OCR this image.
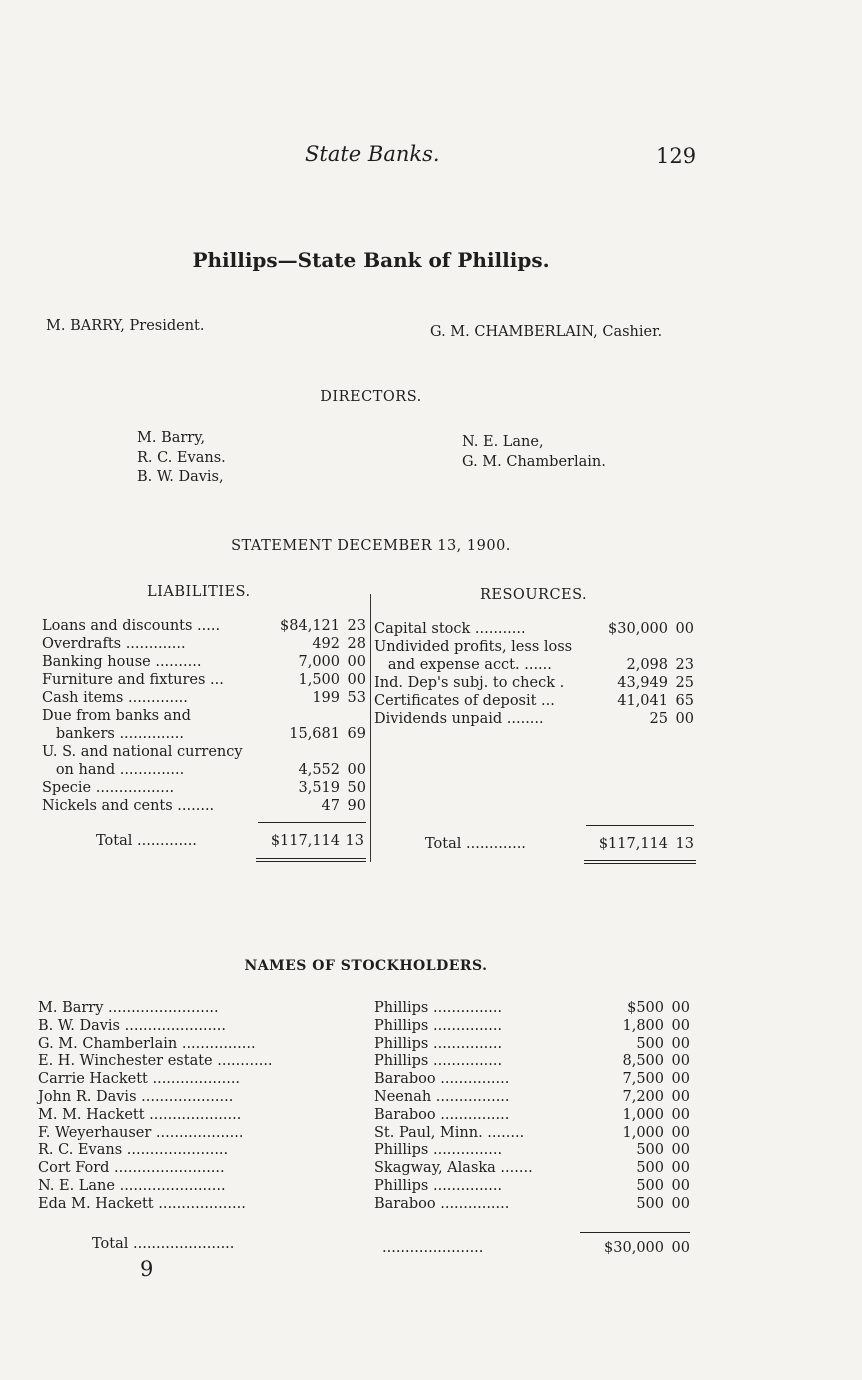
State Banks.	129
Phillips—State Bank of Phillips.
M. BARRY, President.	G. M. CHAMBERLAIN, Cashier.
DIRECTORS.
M. Barry,
R. C. Evans.
B. W. Davis,
N. E. Lane,
G. M. Chamberlain.
STATEMENT DECEMBER 13, 1900.
LIABILITIES.	RESOURCES.
Loans and discounts .....	$84,121 23
Overdrafts .............	492 28
Banking house ..........	7,000 00
Furniture and fixtures ...	1,500 00
Cash items .............	199 53
Due from banks and
bankers ..............	15,681 69
U. S. and national currency
on hand ..............	4,552 00
Specie .................	3,519 50
Nickels and cents ........	47 90
Total .............	$117,114 13
Capital stock ...........	$30,000 00
Undivided profits, less loss
and expense acct. ......	2,098 23
Ind. Dep's subj. to check .	43,949 25
Certificates of deposit ...	41,041 65
Dividends unpaid ........	25 00
Total .............	$117,114 13
NAMES OF STOCKHOLDERS.
M. Barry ........................	Phillips ...............	$500 00
B. W. Davis ......................	Phillips ...............	1,800 00
G. M. Chamberlain ................	Phillips ...............	500 00
E. H. Winchester estate ............	Phillips ...............	8,500 00
Carrie Hackett ...................	Baraboo ...............	7,500 00
John R. Davis ....................	Neenah ................	7,200 00
M. M. Hackett ....................	Baraboo ...............	1,000 00
F. Weyerhauser ...................	St. Paul, Minn. ........	1,000 00
R. C. Evans ......................	Phillips ...............	500 00
Cort Ford ........................	Skagway, Alaska .......	500 00
N. E. Lane .......................	Phillips ...............	500 00
Eda M. Hackett ...................	Baraboo ...............	500 00
Total ......................	......................	$30,000 00
9
